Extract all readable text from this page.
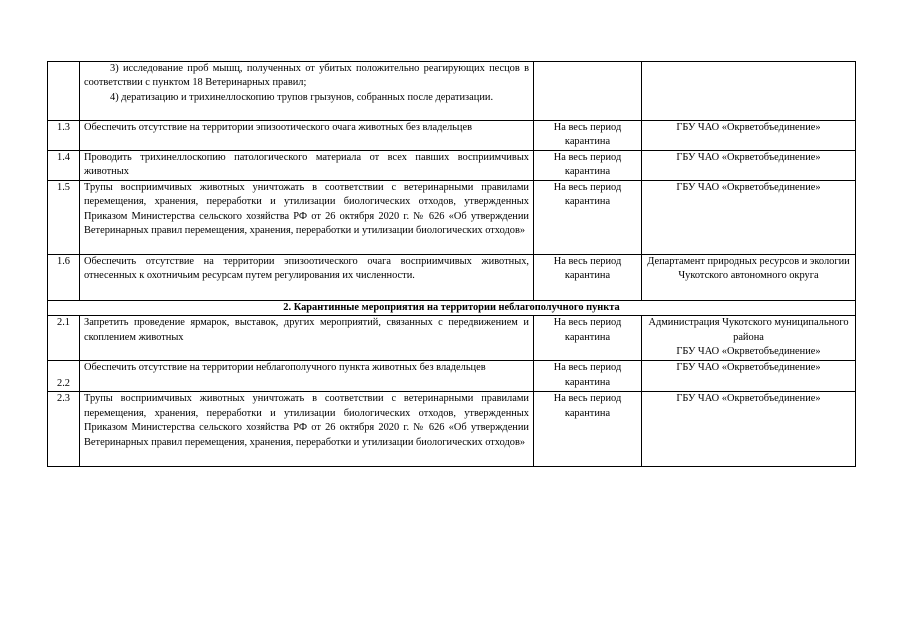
	3) исследование проб мышц, полученных от убитых положительно реагирующих песцов в соответствии с пунктом 18 Ветеринарных правил;
4) дератизацию и трихинеллоскопию трупов грызунов, собранных после дератизации.		

1.3	Обеспечить отсутствие на территории эпизоотического очага животных без владельцев	На весь период карантина	ГБУ ЧАО «Окрветобъединение»
1.4	Проводить трихинеллоскопию патологического материала от всех павших восприимчивых животных	На весь период карантина	ГБУ ЧАО «Окрветобъединение»
1.5	Трупы восприимчивых животных уничтожать в соответствии с ветеринарными правилами перемещения, хранения, переработки и утилизации биологических отходов, утвержденных Приказом Министерства сельского хозяйства РФ от 26 октября 2020 г. № 626 «Об утверждении Ветеринарных правил перемещения, хранения, переработки и утилизации биологических отходов»	На весь период карантина	ГБУ ЧАО «Окрветобъединение»
1.6	Обеспечить отсутствие на территории эпизоотического очага восприимчивых животных, отнесенных к охотничьим ресурсам путем регулирования их численности.	На весь период карантина	Департамент природных ресурсов и экологии Чукотского автономного округа
2. Карантинные мероприятия на территории неблагополучного пункта			
2.1	Запретить проведение ярмарок, выставок, других мероприятий, связанных с передвижением и скоплением животных	На весь период карантина	Администрация Чукотского муниципального района
ГБУ ЧАО «Окрветобъединение»

2.2	Обеспечить отсутствие на территории неблагополучного пункта животных без владельцев	На весь период карантина	ГБУ ЧАО «Окрветобъединение»
2.3	Трупы восприимчивых животных уничтожать в соответствии с ветеринарными правилами перемещения, хранения, переработки и утилизации биологических отходов, утвержденных Приказом Министерства сельского хозяйства РФ от 26 октября 2020 г. № 626 «Об утверждении Ветеринарных правил перемещения, хранения, переработки и утилизации биологических отходов»	На весь период карантина	ГБУ ЧАО «Окрветобъединение»
